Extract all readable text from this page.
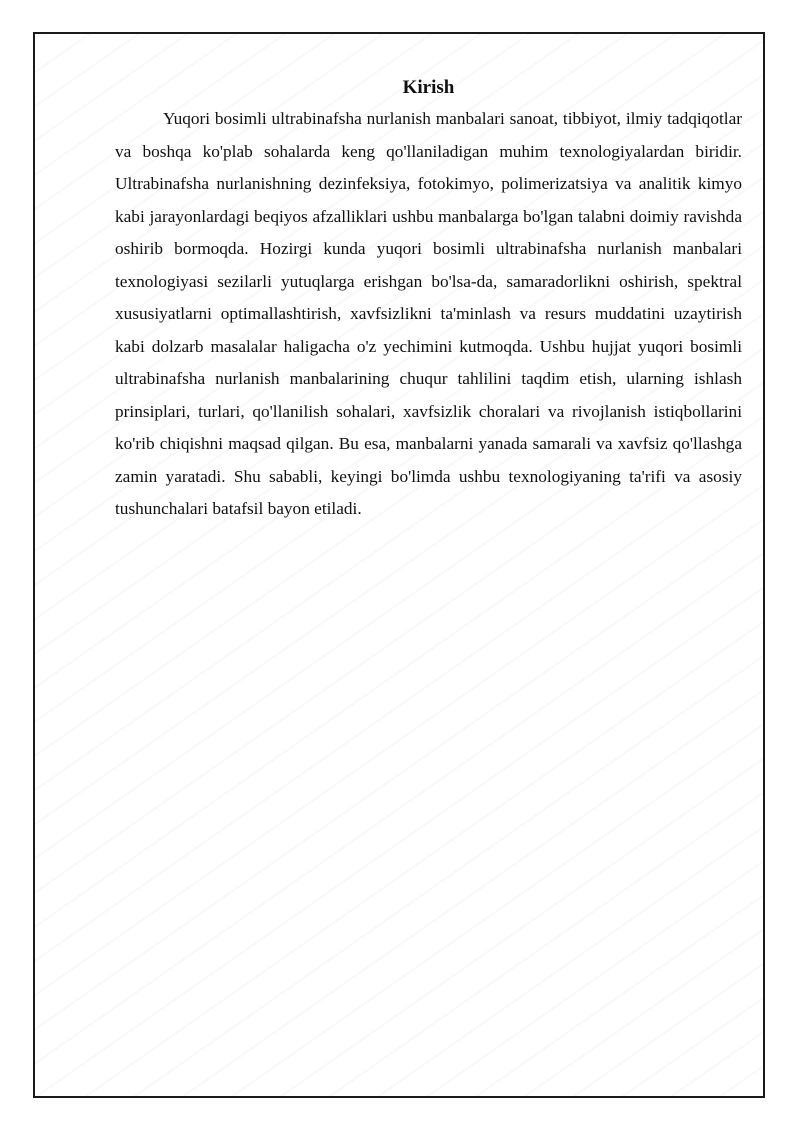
Kirish

Yuqori bosimli ultrabinafsha nurlanish manbalari sanoat, tibbiyot, ilmiy tadqiqotlar va boshqa ko'plab sohalarda keng qo'llaniladigan muhim texnologiyalardan biridir. Ultrabinafsha nurlanishning dezinfeksiya, fotokimyo, polimerizatsiya va analitik kimyo kabi jarayonlardagi beqiyos afzalliklari ushbu manbalarga bo'lgan talabni doimiy ravishda oshirib bormoqda. Hozirgi kunda yuqori bosimli ultrabinafsha nurlanish manbalari texnologiyasi sezilarli yutuqlarga erishgan bo'lsa-da, samaradorlikni oshirish, spektral xususiyatlarni optimallashtirish, xavfsizlikni ta'minlash va resurs muddatini uzaytirish kabi dolzarb masalalar haligacha o'z yechimini kutmoqda. Ushbu hujjat yuqori bosimli ultrabinafsha nurlanish manbalarining chuqur tahlilini taqdim etish, ularning ishlash prinsiplari, turlari, qo'llanilish sohalari, xavfsizlik choralari va rivojlanish istiqbollarini ko'rib chiqishni maqsad qilgan. Bu esa, manbalarni yanada samarali va xavfsiz qo'llashga zamin yaratadi. Shu sababli, keyingi bo'limda ushbu texnologiyaning ta'rifi va asosiy tushunchalari batafsil bayon etiladi.
